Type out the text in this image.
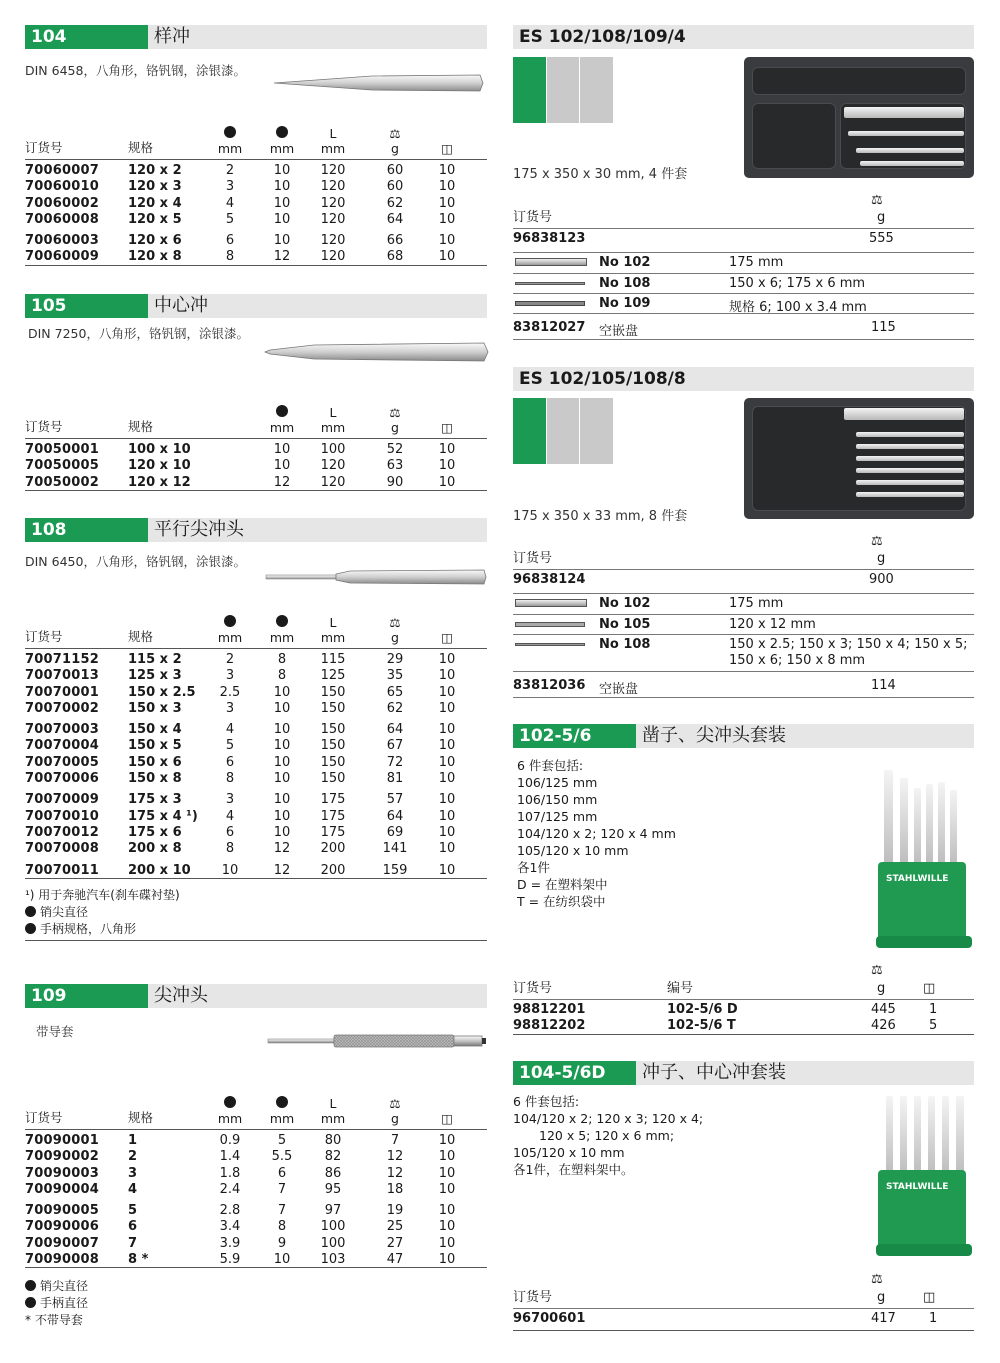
104	样冲
DIN 6458，八角形，铬钒钢，涂银漆。
订货号	规格	mm	mm
L
mm
⚖
g	◫
70060007 120 x 2	2	10	120	60	10
70060010 120 x 3	3	10	120	60	10
70060002 120 x 4	4	10	120	62	10
70060008 120 x 5	5	10	120	64	10
70060003 120 x 6	6	10	120	66	10
70060009 120 x 8	8	12	120	68	10
105	中心冲
DIN 7250，八角形，铬钒钢，涂银漆。
订货号	规格	mm
L
mm
⚖
g	◫
70050001 100 x 10	10	100	52	10
70050005 120 x 10	10	120	63	10
70050002 120 x 12	12	120	90	10
108	平行尖冲头
DIN 6450，八角形，铬钒钢，涂银漆。
订货号	规格	mm	mm
L
mm
⚖
g	◫
70071152 115 x 2	2	8	115	29	10
70070013 125 x 3	3	8	125	35	10
70070001 150 x 2.5	2.5	10	150	65	10
70070002 150 x 3	3	10	150	62	10
70070003 150 x 4	4	10	150	64	10
70070004 150 x 5	5	10	150	67	10
70070005 150 x 6	6	10	150	72	10
70070006 150 x 8	8	10	150	81	10
70070009 175 x 3	3	10	175	57	10
70070010 175 x 4 ¹)	4	10	175	64	10
70070012 175 x 6	6	10	175	69	10
70070008 200 x 8	8	12	200	141	10
70070011 200 x 10	10	12	200	159	10
¹) 用于奔驰汽车(刹车碟衬垫)
销尖直径
手柄规格，八角形
109	尖冲头
带导套
订货号	规格	mm	mm
L
mm
⚖
g	◫
70090001 1	0.9	5	80	7	10
70090002 2	1.4	5.5	82	12	10
70090003 3	1.8	6	86	12	10
70090004 4	2.4	7	95	18	10
70090005 5	2.8	7	97	19	10
70090006 6	3.4	8	100	25	10
70090007 7	3.9	9	100	27	10
70090008 8 *	5.9	10	103	47	10
销尖直径
手柄直径
* 不带导套
ES 102/108/109/4
175 x 350 x 30 mm, 4 件套
订货号
⚖
g
96838123	555
No 102	175 mm
No 108	150 x 6; 175 x 6 mm
No 109	规格 6; 100 x 3.4 mm
83812027 空嵌盘	115
ES 102/105/108/8
175 x 350 x 33 mm, 8 件套
订货号
⚖
g
96838124	900
No 102	175 mm
No 105	120 x 12 mm
No 108	150 x 2.5; 150 x 3; 150 x 4; 150 x 5;
150 x 6; 150 x 8 mm
83812036 空嵌盘	114
102-5/6	凿子、尖冲头套装
6 件套包括:
106/125 mm
106/150 mm
107/125 mm
104/120 x 2; 120 x 4 mm
105/120 x 10 mm
各1件
D = 在塑料架中
T = 在纺织袋中
STAHLWILLE
订货号	编号
⚖
g	◫
98812201	102-5/6 D	445	1
98812202	102-5/6 T	426	5
104-5/6D	冲子、中心冲套装
6 件套包括:
104/120 x 2; 120 x 3; 120 x 4;
120 x 5; 120 x 6 mm;
105/120 x 10 mm
各1件，在塑料架中。
STAHLWILLE
订货号
⚖
g	◫
96700601	417	1
